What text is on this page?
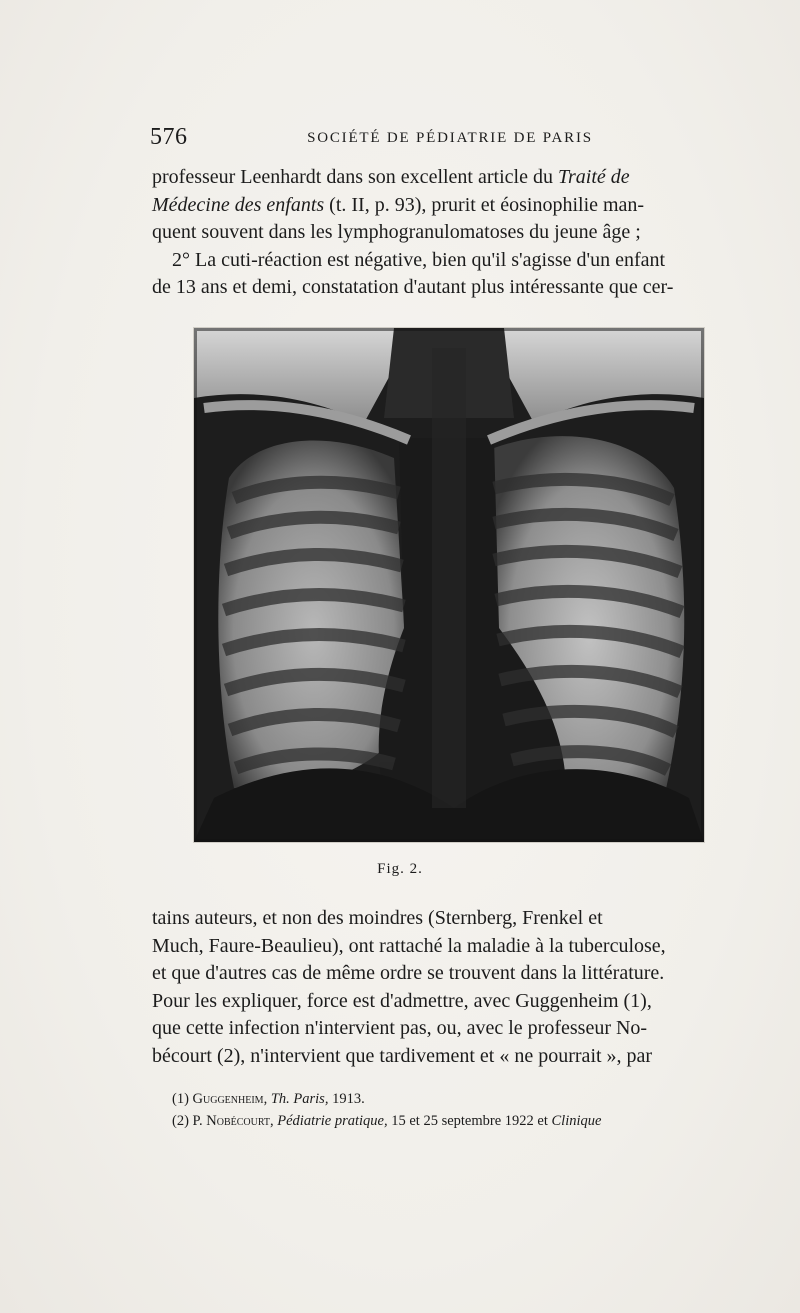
576	SOCIÉTÉ DE PÉDIATRIE DE PARIS

professeur Leenhardt dans son excellent article du Traité de

Médecine des enfants (t. II, p. 93), prurit et éosinophilie man-

quent souvent dans les lymphogranulomatoses du jeune âge ;

2° La cuti-réaction est négative, bien qu'il s'agisse d'un enfant

de 13 ans et demi, constatation d'autant plus intéressante que cer-

Fig. 2.

tains auteurs, et non des moindres (Sternberg, Frenkel et

Much, Faure-Beaulieu), ont rattaché la maladie à la tuberculose,

et que d'autres cas de même ordre se trouvent dans la littérature.

Pour les expliquer, force est d'admettre, avec Guggenheim (1),

que cette infection n'intervient pas, ou, avec le professeur No-

bécourt (2), n'intervient que tardivement et « ne pourrait », par

(1) Guggenheim, Th. Paris, 1913.
(2) P. Nobécourt, Pédiatrie pratique, 15 et 25 septembre 1922 et Clinique
